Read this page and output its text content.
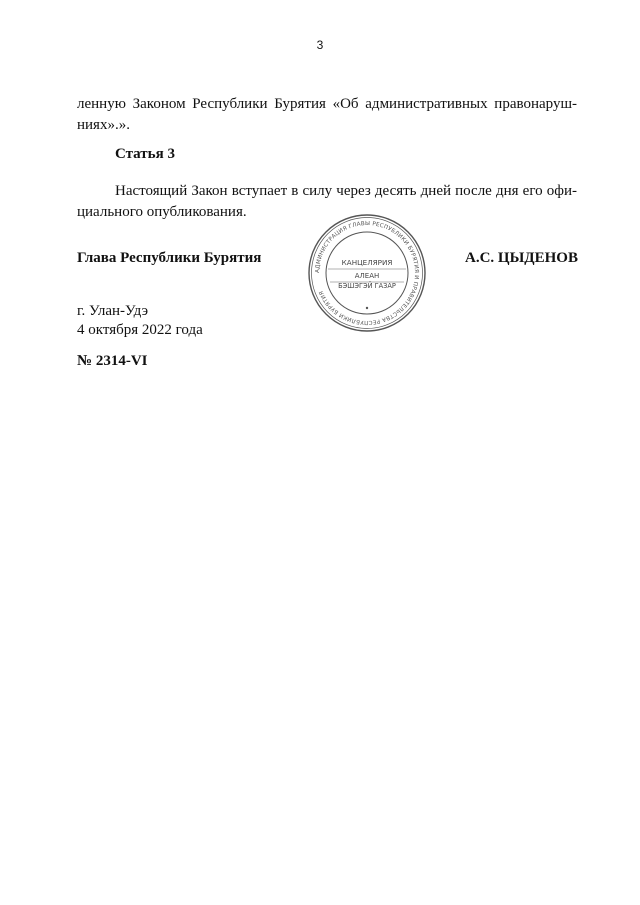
3
ленную Законом Республики Бурятия «Об административных правонаруш-
ниях».».
Статья 3
Настоящий Закон вступает в силу через десять дней после дня его офи-
циального опубликования.
Глава Республики Бурятия
АДМИНИСТРАЦИЯ ГЛАВЫ РЕСПУБЛИКИ БУРЯТИЯ И ПРАВИТЕЛЬСТВА РЕСПУБЛИКИ БУРЯТИЯ
КАНЦЕЛЯРИЯ
АЛЕАН
БЭШЭГЭЙ ГАЗАР
А.С. ЦЫДЕНОВ
г. Улан-Удэ
4 октября 2022 года
№ 2314-VI
